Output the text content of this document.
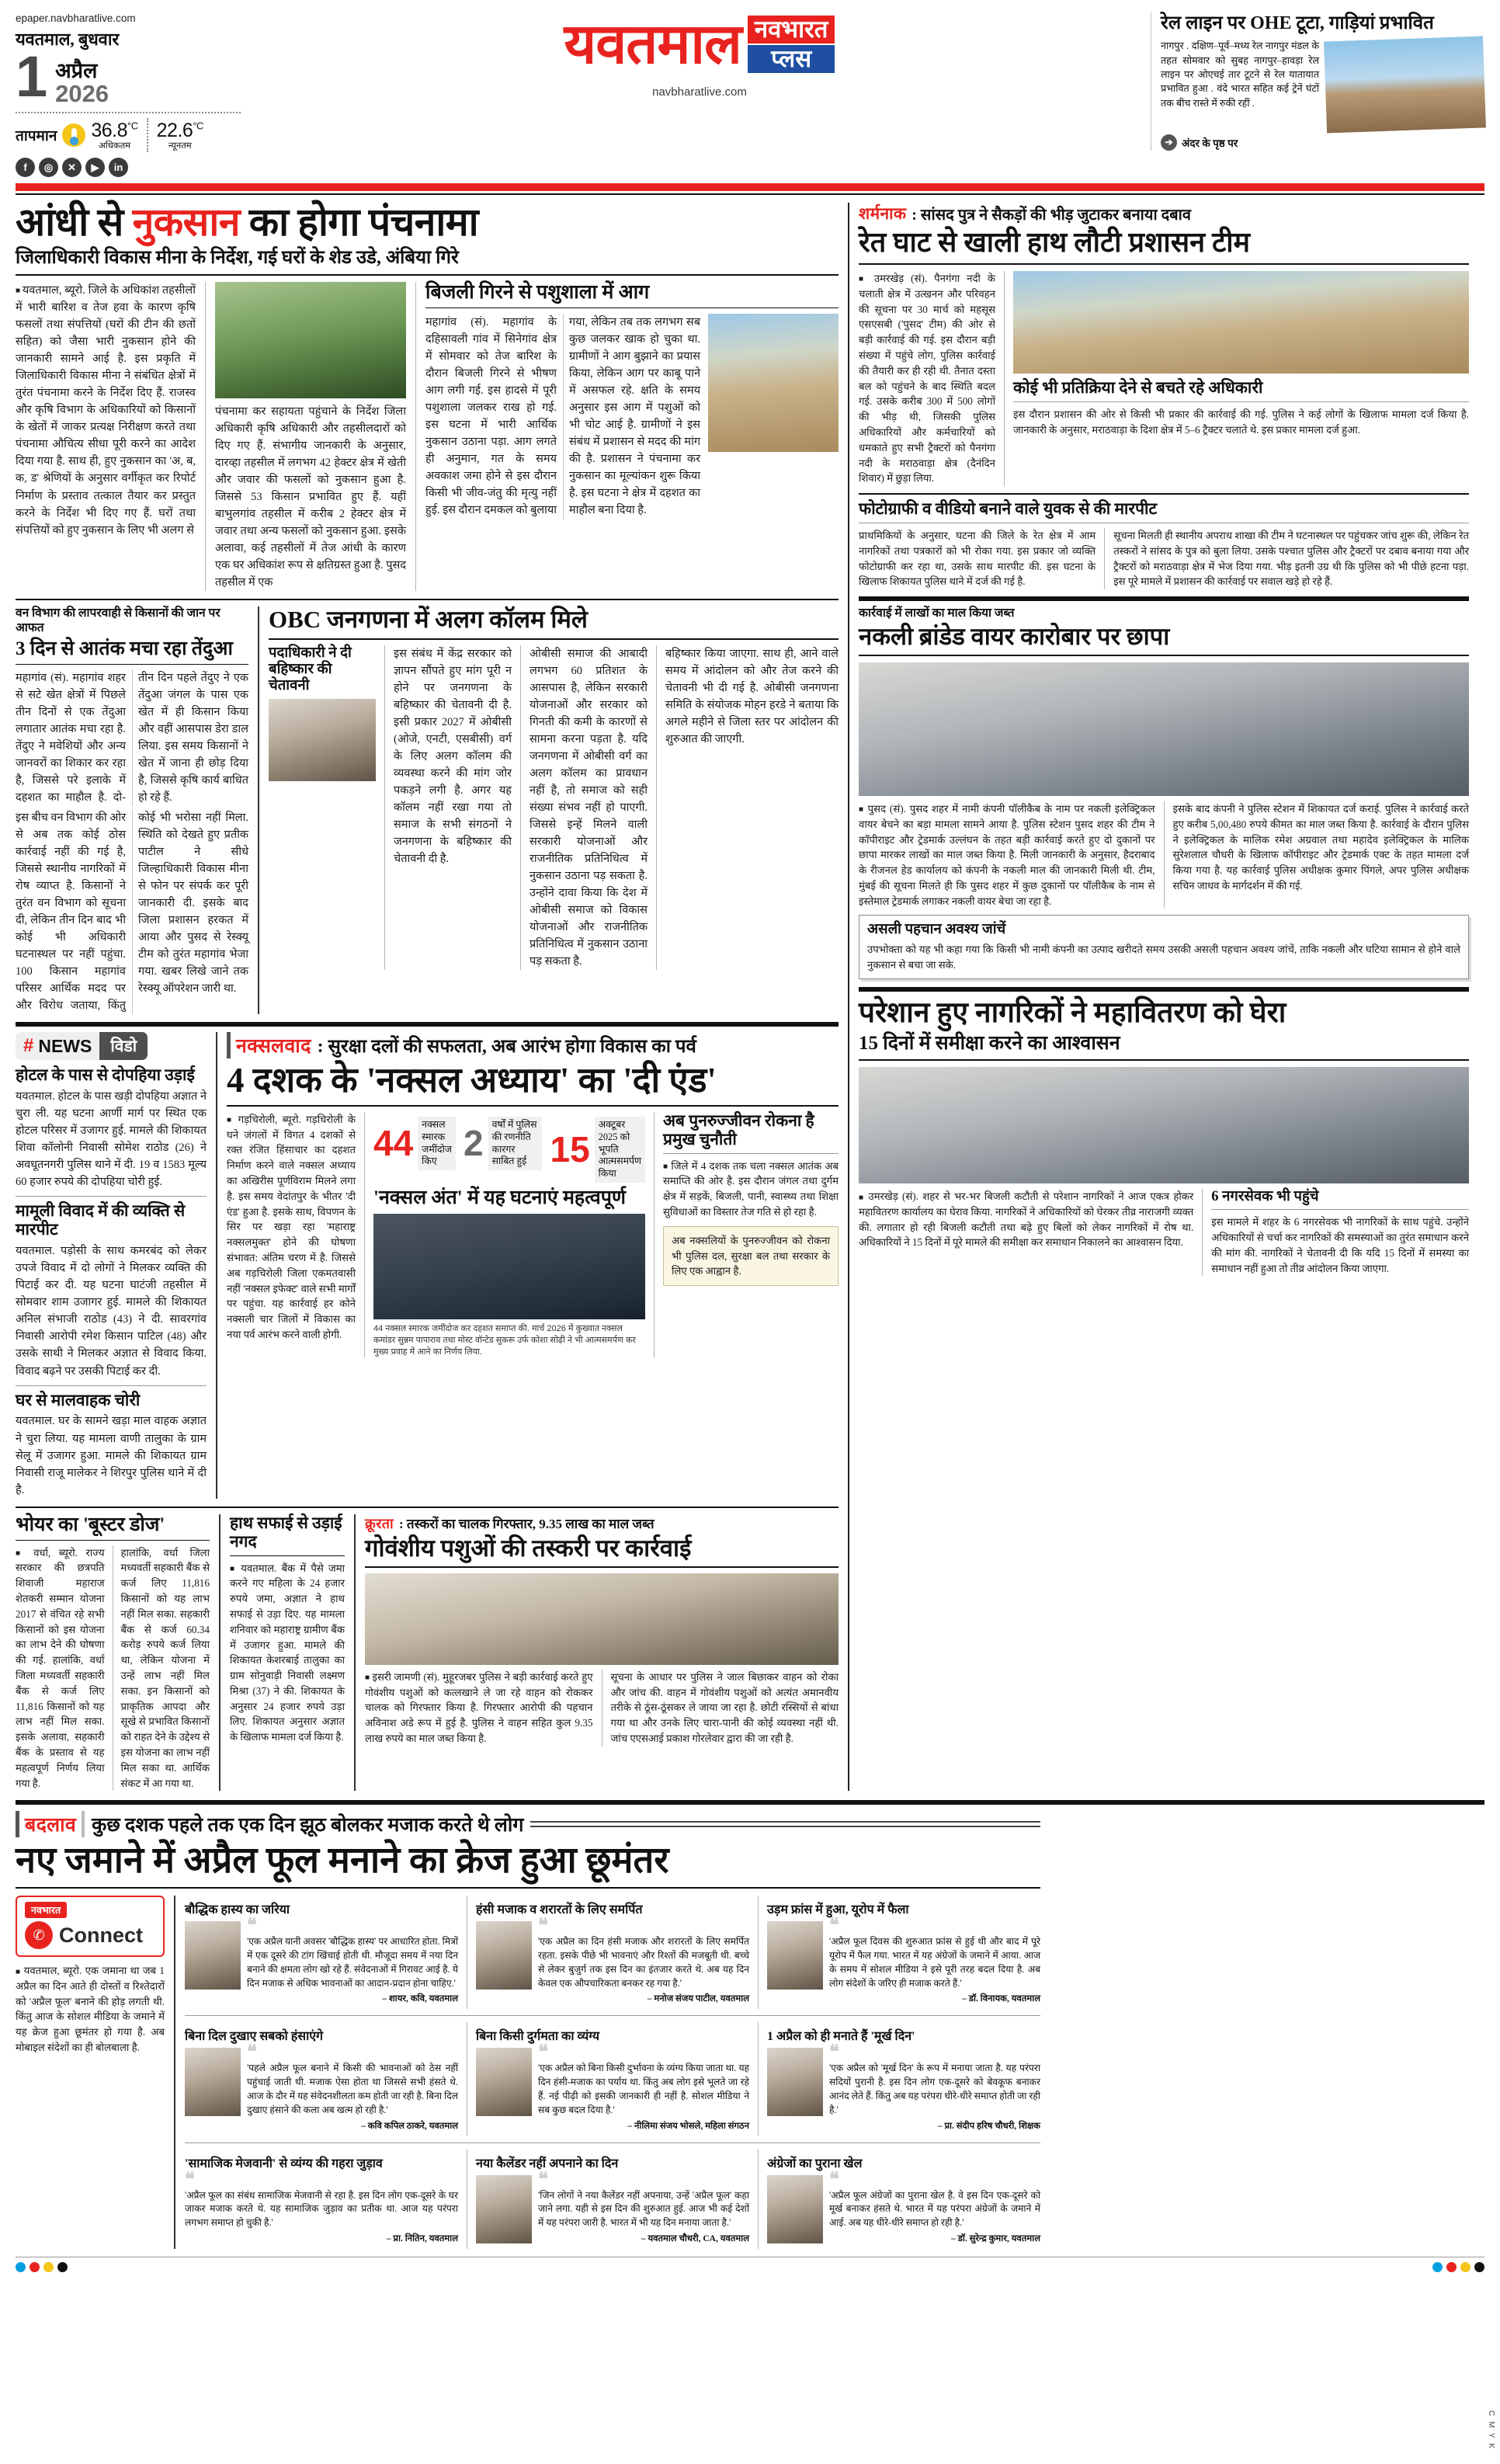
epaper.navbharatlive.com
यवतमाल, बुधवार
1 अप्रैल
2026
तापमान $36.8^{^\circ C}$
अधिकतम
$22.6^{^\circ C}$
न्यूनतम
f	◎	✕	▶	in
यवतमाल नवभारत
प्लस
navbharatlive.com
रेल लाइन पर OHE टूटा, गाड़ियां प्रभावित
नागपुर . दक्षिण–पूर्व–मध्य रेल नागपुर मंडल के तहत सोमवार को सुबह नागपुर–हावड़ा रेल लाइन पर ओएचई तार टूटने से रेल यातायात प्रभावित हुआ . वंदे भारत सहित कई ट्रेनें घंटों तक बीच रास्ते में रुकी रहीं .
➔ अंदर के पृष्ठ पर
आंधी से नुकसान का होगा पंचनामा
जिलाधिकारी विकास मीना के निर्देश, गई घरों के शेड उडे, अंबिया गिरे
■ यवतमाल, ब्यूरो. जिले के अधिकांश तहसीलों में भारी बारिश व तेज हवा के कारण कृषि फसलों तथा संपत्तियों (घरों की टीन की छतों सहित) को जैसा भारी नुकसान होने की जानकारी सामने आई है. इस प्रकृति में जिलाधिकारी विकास मीना ने संबंधित क्षेत्रों में तुरंत पंचनामा करने के निर्देश दिए हैं. राजस्व और कृषि विभाग के अधिकारियों को किसानों के खेतों में जाकर प्रत्यक्ष निरीक्षण करते तथा पंचनामा औचित्य सीधा पूरी करने का आदेश दिया गया है. साथ ही, हुए नुकसान का 'अ, ब, क, ड' श्रेणियों के अनुसार वर्गीकृत कर रिपोर्ट निर्माण के प्रस्ताव तत्काल तैयार कर प्रस्तुत करने के निर्देश भी दिए गए हैं. घरों तथा संपत्तियों को हुए नुकसान के लिए भी अलग से
पंचनामा कर सहायता पहुंचाने के निर्देश जिला अधिकारी कृषि अधिकारी और तहसीलदारों को दिए गए हैं. संभागीय जानकारी के अनुसार, दारव्हा तहसील में लगभग 42 हेक्टर क्षेत्र में खेती और जवार की फसलों को नुकसान हुआ है. जिससे 53 किसान प्रभावित हुए हैं. यहीं बाभुलगांव तहसील में करीब 2 हेक्टर क्षेत्र में जवार तथा अन्य फसलों को नुकसान हुआ. इसके अलावा, कई तहसीलों में तेज आंधी के कारण एक घर अधिकांश रूप से क्षतिग्रस्त हुआ है. पुसद तहसील में एक
बिजली गिरने से पशुशाला में आग
महागांव (सं). महागांव के दहिसावली गांव में सिनेगांव क्षेत्र में सोमवार को तेज बारिश के दौरान बिजली गिरने से भीषण आग लगी गई. इस हादसे में पूरी पशुशाला जलकर राख हो गई. इस घटना में भारी आर्थिक नुकसान उठाना पड़ा. आग लगते ही अनुमान, गत के समय अवकाश जमा होने से इस दौरान किसी भी जीव-जंतु की मृत्यु नहीं हुई. इस दौरान दमकल को बुलाया गया, लेकिन तब तक लगभग सब कुछ जलकर खाक हो चुका था. ग्रामीणों ने आग बुझाने का प्रयास किया, लेकिन आग पर काबू पाने में असफल रहे. क्षति के समय अनुसार इस आग में पशुओं को भी चोट आई है. ग्रामीणों ने इस संबंध में प्रशासन से मदद की मांग की है. प्रशासन ने पंचनामा कर नुकसान का मूल्यांकन शुरू किया है. इस घटना ने क्षेत्र में दहशत का माहौल बना दिया है.
वन विभाग की लापरवाही से किसानों की जान पर आफत
3 दिन से आतंक मचा रहा तेंदुआ
महागांव (सं). महागांव शहर से सटे खेत क्षेत्रों में पिछले तीन दिनों से एक तेंदुआ लगातार आतंक मचा रहा है. तेंदुए ने मवेशियों और अन्य जानवरों का शिकार कर रहा है, जिससे परे इलाके में दहशत का माहौल है. दो-तीन दिन पहले तेंदुए ने एक तेंदुआ जंगल के पास एक खेत में ही किसान किया और वहीं आसपास डेरा डाल लिया. इस समय किसानों ने खेत में जाना ही छोड़ दिया है, जिससे कृषि कार्य बाधित हो रहे हैं.
इस बीच वन विभाग की ओर से अब तक कोई ठोस कार्रवाई नहीं की गई है, जिससे स्थानीय नागरिकों में रोष व्याप्त है. किसानों ने तुरंत वन विभाग को सूचना दी, लेकिन तीन दिन बाद भी कोई भी अधिकारी घटनास्थल पर नहीं पहुंचा. 100 किसान महागांव परिसर आर्थिक मदद पर और विरोध जताया, किंतु कोई भी भरोसा नहीं मिला. स्थिति को देखते हुए प्रतीक पाटील ने सीधे जिल्हाधिकारी विकास मीना से फोन पर संपर्क कर पूरी जानकारी दी. इसके बाद जिला प्रशासन हरकत में आया और पुसद से रेस्क्यू टीम को तुरंत महागांव भेजा गया. खबर लिखे जाने तक रेस्क्यू ऑपरेशन जारी था.
OBC जनगणना में अलग कॉलम मिले
पदाधिकारी ने दी बहिष्कार की चेतावनी
इस संबंध में केंद्र सरकार को ज्ञापन सौंपते हुए मांग पूरी न होने पर जनगणना के बहिष्कार की चेतावनी दी है. इसी प्रकार 2027 में ओबीसी (ओजे, एनटी, एसबीसी) वर्ग के लिए अलग कॉलम की व्यवस्था करने की मांग जोर पकड़ने लगी है. अगर यह कॉलम नहीं रखा गया तो समाज के सभी संगठनों ने जनगणना के बहिष्कार की चेतावनी दी है.
ओबीसी समाज की आबादी लगभग 60 प्रतिशत के आसपास है, लेकिन सरकारी योजनाओं और सरकार को गिनती की कमी के कारणों से सामना करना पड़ता है. यदि जनगणना में ओबीसी वर्ग का अलग कॉलम का प्रावधान नहीं है, तो समाज को सही संख्या संभव नहीं हो पाएगी. जिससे इन्हें मिलने वाली सरकारी योजनाओं और राजनीतिक प्रतिनिधित्व में नुकसान उठाना पड़ सकता है. उन्होंने दावा किया कि देश में ओबीसी समाज को विकास योजनाओं और राजनीतिक प्रतिनिधित्व में नुकसान उठाना पड़ सकता है.
बहिष्कार किया जाएगा. साथ ही, आने वाले समय में आंदोलन को और तेज करने की चेतावनी भी दी गई है. ओबीसी जनगणना समिति के संयोजक मोहन हरडे ने बताया कि अगले महीने से जिला स्तर पर आंदोलन की शुरुआत की जाएगी.
# NEWS	विडो
होटल के पास से दोपहिया उड़ाई
यवतमाल. होटल के पास खड़ी दोपहिया अज्ञात ने चुरा ली. यह घटना आर्णी मार्ग पर स्थित एक होटल परिसर में उजागर हुई. मामले की शिकायत शिवा कॉलोनी निवासी सोमेश राठोड (26) ने अवधूतनगरी पुलिस थाने में दी. 19 व 1583 मूल्य 60 हजार रुपये की दोपहिया चोरी हुई.
मामूली विवाद में की व्यक्ति से मारपीट
यवतमाल. पड़ोसी के साथ कमरबंद को लेकर उपजे विवाद में दो लोगों ने मिलकर व्यक्ति की पिटाई कर दी. यह घटना घाटंजी तहसील में सोमवार शाम उजागर हुई. मामले की शिकायत अनिल संभाजी राठोड (43) ने दी. सावरगांव निवासी आरोपी रमेश किसान पाटिल (48) और उसके साथी ने मिलकर अज्ञात से विवाद किया. विवाद बढ़ने पर उसकी पिटाई कर दी.
घर से मालवाहक चोरी
यवतमाल. घर के सामने खड़ा माल वाहक अज्ञात ने चुरा लिया. यह मामला वाणी तालुका के ग्राम सेलू में उजागर हुआ. मामले की शिकायत ग्राम निवासी राजू मालेकर ने शिरपुर पुलिस थाने में दी है.
नक्सलवाद : सुरक्षा दलों की सफलता, अब आरंभ होगा विकास का पर्व
4 दशक के 'नक्सल अध्याय' का 'दी एंड'
■ गड़चिरोली, ब्यूरो. गड़चिरोली के घने जंगलों में विगत 4 दशकों से रक्त रंजित हिंसाचार का दहशत निर्माण करने वाले नक्सल अध्याय का अखिरीस पूर्णविराम मिलने लगा है. इस समय वेदांतपुर के भीतर 'दी एंड' हुआ है. इसके साथ, विपणन के सिर पर खड़ा रहा 'महाराष्ट्र नक्सलमुक्त' होने की घोषणा संभावत: अंतिम चरण में है. जिससे अब गड़चिरोली जिला एकमतवासी नहीं 'नक्सल इफेक्ट' वाले सभी मार्गों पर पहुंचा. यह कार्रवाई हर कोने नक्सली चार जिलों में विकास का नया पर्व आरंभ करने वाली होगी.
44 नक्सल स्मारक जमींदोज किए 2 वर्षों में पुलिस की रणनीति कारगर साबित हुई 15
अक्टूबर 2025 को भूपति आत्मसमर्पण किया
'नक्सल अंत' में यह घटनाएं महत्वपूर्ण
44 नक्सल स्मारक जमींदोज कर दहशत समाप्त की. मार्च 2026 में कुख्यात नक्सल कमांडर सुन्नम पापाराव तथा मोस्ट वॉन्टेड सुकरू उर्फ कोशा सोढ़ी ने भी आत्मसमर्पण कर मुख्य प्रवाह में आने का निर्णय लिया.
अब पुनरुज्जीवन रोकना है प्रमुख चुनौती
■ जिले में 4 दशक तक चला नक्सल आतंक अब समाप्ति की ओर है. इस दौरान जंगल तथा दुर्गम क्षेत्र में सड़कें, बिजली, पानी, स्वास्थ्य तथा शिक्षा सुविधाओं का विस्तार तेज गति से हो रहा है.
अब नक्सलियों के पुनरुज्जीवन को रोकना भी पुलिस दल, सुरक्षा बल तथा सरकार के लिए एक आह्वान है.
भोयर का 'बूस्टर डोज'
■ वर्धा, ब्यूरो. राज्य सरकार की छत्रपति शिवाजी महाराज शेतकरी सम्मान योजना 2017 से वंचित रहे सभी किसानों को इस योजना का लाभ देने की घोषणा की गई. हालांकि, वर्धा जिला मध्यवर्ती सहकारी बैंक से कर्ज लिए 11,816 किसानों को यह लाभ नहीं मिल सका. इसके अलावा, सहकारी बैंक के प्रस्ताव से यह महत्वपूर्ण निर्णय लिया गया है.
हालांकि, वर्धा जिला मध्यवर्ती सहकारी बैंक से कर्ज लिए 11,816 किसानों को यह लाभ नहीं मिल सका. सहकारी बैंक से कर्ज 60.34 करोड़ रुपये कर्ज लिया था, लेकिन योजना में उन्हें लाभ नहीं मिल सका. इन किसानों को प्राकृतिक आपदा और सूखे से प्रभावित किसानों को राहत देने के उद्देश्य से इस योजना का लाभ नहीं मिल सका था. आर्थिक संकट में आ गया था.
हाथ सफाई से उड़ाई नगद
■ यवतमाल. बैंक में पैसे जमा करने गए महिला के 24 हजार रुपये जमा, अज्ञात ने हाथ सफाई से उड़ा दिए. यह मामला शनिवार को महाराष्ट्र ग्रामीण बैंक में उजागर हुआ. मामले की शिकायत केशरबाई तालुका का ग्राम सोनुवाड़ी निवासी लक्ष्मण मिश्रा (37) ने की. शिकायत के अनुसार 24 हजार रुपये उड़ा लिए. शिकायत अनुसार अज्ञात के खिलाफ मामला दर्ज किया है.
क्रूरता : तस्करों का चालक गिरफ्तार, 9.35 लाख का माल जब्त
गोवंशीय पशुओं की तस्करी पर कार्रवाई
■ इसरी जामणी (सं). मुहूरजबर पुलिस ने बड़ी कार्रवाई करते हुए गोवंशीय पशुओं को कत्लखाने ले जा रहे वाहन को रोककर चालक को गिरफ्तार किया है. गिरफ्तार आरोपी की पहचान अविनाश अडे रूप में हुई है. पुलिस ने वाहन सहित कुल 9.35 लाख रुपये का माल जब्त किया है.
सूचना के आधार पर पुलिस ने जाल बिछाकर वाहन को रोका और जांच की. वाहन में गोवंशीय पशुओं को अत्यंत अमानवीय तरीके से ठूंस-ठूंसकर ले जाया जा रहा है. छोटी रस्सियों से बांधा गया था और उनके लिए चारा-पानी की कोई व्यवस्था नहीं थी. जांच एएसआई प्रकाश गोरलेवार द्वारा की जा रही है.
शर्मनाक : सांसद पुत्र ने सैकड़ों की भीड़ जुटाकर बनाया दबाव
रेत घाट से खाली हाथ लौटी प्रशासन टीम
■ उमरखेड़ (सं). पैनगंगा नदी के चलाती क्षेत्र में उत्खनन और परिवहन की सूचना पर 30 मार्च को महसूस एसएसबी ('पुसद' टीम) की ओर से बड़ी कार्रवाई की गई. इस दौरान बड़ी संख्या में पहुंचे लोग, पुलिस कार्रवाई की तैयारी कर ही रही थी. तैनात दस्ता बल को पहुंचने के बाद स्थिति बदल गई. उसके करीब 300 में 500 लोगों की भीड़ थी, जिसकी पुलिस अधिकारियों और कर्मचारियों को धमकाते हुए सभी ट्रैक्टरों को पैनगंगा नदी के मराठवाड़ा क्षेत्र (दैनंदिन शिवार) में छुड़ा लिया.
कोई भी प्रतिक्रिया देने से बचते रहे अधिकारी
इस दौरान प्रशासन की ओर से किसी भी प्रकार की कार्रवाई की गई. पुलिस ने कई लोगों के खिलाफ मामला दर्ज किया है. जानकारी के अनुसार, मराठवाड़ा के दिशा क्षेत्र में 5–6 ट्रैक्टर चलाते थे. इस प्रकार मामला दर्ज हुआ.
फोटोग्राफी व वीडियो बनाने वाले युवक से की मारपीट
प्राथमिकियों के अनुसार, घटना की जिले के रेत क्षेत्र में आम नागरिकों तथा पत्रकारों को भी रोका गया. इस प्रकार जो व्यक्ति फोटोग्राफी कर रहा था, उसके साथ मारपीट की. इस घटना के खिलाफ शिकायत पुलिस थाने में दर्ज की गई है.
सूचना मिलती ही स्थानीय अपराध शाखा की टीम ने घटनास्थल पर पहुंचकर जांच शुरू की, लेकिन रेत तस्करों ने सांसद के पुत्र को बुला लिया. उसके पश्चात पुलिस और ट्रैक्टरों पर दबाव बनाया गया और ट्रैक्टरों को मराठवाड़ा क्षेत्र में भेज दिया गया. भीड़ इतनी उग्र थी कि पुलिस को भी पीछे हटना पड़ा. इस पूरे मामले में प्रशासन की कार्रवाई पर सवाल खड़े हो रहे हैं.
कार्रवाई में लाखों का माल किया जब्त
नकली ब्रांडेड वायर कारोबार पर छापा
■ पुसद (सं). पुसद शहर में नामी कंपनी पॉलीकैब के नाम पर नकली इलेक्ट्रिकल वायर बेचने का बड़ा मामला सामने आया है. पुलिस स्टेशन पुसद शहर की टीम ने कॉपीराइट और ट्रेडमार्क उल्लंघन के तहत बड़ी कार्रवाई करते हुए दो दुकानों पर छापा मारकर लाखों का माल जब्त किया है. मिली जानकारी के अनुसार, हैदराबाद के रीजनल हेड कार्यालय को कंपनी के नकली माल की जानकारी मिली थी. टीम, मुंबई की सूचना मिलते ही कि पुसद शहर में कुछ दुकानों पर पॉलीकैब के नाम से इस्तेमाल ट्रेडमार्क लगाकर नकली वायर बेचा जा रहा है.
इसके बाद कंपनी ने पुलिस स्टेशन में शिकायत दर्ज कराई. पुलिस ने कार्रवाई करते हुए करीब 5,00,480 रुपये कीमत का माल जब्त किया है. कार्रवाई के दौरान पुलिस ने इलेक्ट्रिकल के मालिक रमेश अग्रवाल तथा महादेव इलेक्ट्रिकल के मालिक सुरेशलाल चौधरी के खिलाफ कॉपीराइट और ट्रेडमार्क एक्ट के तहत मामला दर्ज किया गया है. यह कार्रवाई पुलिस अधीक्षक कुमार पिंगले, अपर पुलिस अधीक्षक सचिन जाधव के मार्गदर्शन में की गई.
असली पहचान अवश्य जांचें
उपभोक्ता को यह भी कहा गया कि किसी भी नामी कंपनी का उत्पाद खरीदते समय उसकी असली पहचान अवश्य जांचें, ताकि नकली और घटिया सामान से होने वाले नुकसान से बचा जा सके.
परेशान हुए नागरिकों ने महावितरण को घेरा
15 दिनों में समीक्षा करने का आश्वासन
■ उमरखेड़ (सं). शहर से भर-भर बिजली कटौती से परेशान नागरिकों ने आज एकत्र होकर महावितरण कार्यालय का घेराव किया. नागरिकों ने अधिकारियों को घेरकर तीव्र नाराजगी व्यक्त की. लगातार हो रही बिजली कटौती तथा बढ़े हुए बिलों को लेकर नागरिकों में रोष था. अधिकारियों ने 15 दिनों में पूरे मामले की समीक्षा कर समाधान निकालने का आश्वासन दिया.
6 नगरसेवक भी पहुंचे
इस मामले में शहर के 6 नगरसेवक भी नागरिकों के साथ पहुंचे. उन्होंने अधिकारियों से चर्चा कर नागरिकों की समस्याओं का तुरंत समाधान करने की मांग की. नागरिकों ने चेतावनी दी कि यदि 15 दिनों में समस्या का समाधान नहीं हुआ तो तीव्र आंदोलन किया जाएगा.
बदलाव कुछ दशक पहले तक एक दिन झूठ बोलकर मजाक करते थे लोग
नए जमाने में अप्रैल फूल मनाने का क्रेज हुआ छूमंतर
नवभारत
✆ Connect
■ यवतमाल, ब्यूरो. एक जमाना था जब 1 अप्रैल का दिन आते ही दोस्तों व रिश्तेदारों को 'अप्रैल फूल' बनाने की होड़ लगती थी. किंतु आज के सोशल मीडिया के जमाने में यह क्रेज हुआ छूमंतर हो गया है. अब मोबाइल संदेशों का ही बोलबाला है.
बौद्धिक हास्य का जरिया
❝
'एक अप्रैल यानी अवसर 'बौद्धिक हास्य' पर आधारित होता. मित्रों में एक दूसरे की टांग खिंचाई होती थी. मौजूदा समय में नया दिन बनाने की क्षमता लोग खो रहे हैं. संवेदनाओं में गिरावट आई है. ये दिन मजाक से अधिक भावनाओं का आदान-प्रदान होना चाहिए.'
– शायर, कवि, यवतमाल
हंसी मजाक व शरारतों के लिए समर्पित
❝
'एक अप्रैल का दिन हंसी मजाक और शरारतों के लिए समर्पित रहता. इसके पीछे भी भावनाएं और रिश्तों की मजबूती थी. बच्चे से लेकर बुजुर्ग तक इस दिन का इंतजार करते थे. अब यह दिन केवल एक औपचारिकता बनकर रह गया है.'
– मनोज संजय पाटील, यवतमाल
उड़म फ्रांस में हुआ, यूरोप में फैला
❝
'अप्रैल फूल दिवस की शुरुआत फ्रांस से हुई थी और बाद में पूरे यूरोप में फैल गया. भारत में यह अंग्रेजों के जमाने में आया. आज के समय में सोशल मीडिया ने इसे पूरी तरह बदल दिया है. अब लोग संदेशों के जरिए ही मजाक करते हैं.'
– डॉ. विनायक, यवतमाल
बिना दिल दुखाए सबको हंसाएंगे
❝
'पहले अप्रैल फूल बनाने में किसी की भावनाओं को ठेस नहीं पहुंचाई जाती थी. मजाक ऐसा होता था जिससे सभी हंसते थे. आज के दौर में यह संवेदनशीलता कम होती जा रही है. बिना दिल दुखाए हंसाने की कला अब खत्म हो रही है.'
– कवि कपिल ठाकरे, यवतमाल
बिना किसी दुर्गमता का व्यंग्य
❝
'एक अप्रैल को बिना किसी दुर्भावना के व्यंग्य किया जाता था. यह दिन हंसी-मजाक का पर्याय था. किंतु अब लोग इसे भूलते जा रहे हैं. नई पीढ़ी को इसकी जानकारी ही नहीं है. सोशल मीडिया ने सब कुछ बदल दिया है.'
– नीलिमा संजय भोसले, महिला संगठन
1 अप्रैल को ही मनाते हैं 'मूर्ख दिन'
❝
'एक अप्रैल को 'मूर्ख दिन' के रूप में मनाया जाता है. यह परंपरा सदियों पुरानी है. इस दिन लोग एक-दूसरे को बेवकूफ बनाकर आनंद लेते हैं. किंतु अब यह परंपरा धीरे-धीरे समाप्त होती जा रही है.'
– प्रा. संदीप हरिष चौधरी, शिक्षक
'सामाजिक मेजवानी' से व्यंग्य की गहरा जुड़ाव
❝
'अप्रैल फूल का संबंध सामाजिक मेजवानी से रहा है. इस दिन लोग एक-दूसरे के घर जाकर मजाक करते थे. यह सामाजिक जुड़ाव का प्रतीक था. आज यह परंपरा लगभग समाप्त हो चुकी है.'
– प्रा. नितिन, यवतमाल
नया कैलेंडर नहीं अपनाने का दिन
❝
'जिन लोगों ने नया कैलेंडर नहीं अपनाया, उन्हें 'अप्रैल फूल' कहा जाने लगा. यही से इस दिन की शुरुआत हुई. आज भी कई देशों में यह परंपरा जारी है. भारत में भी यह दिन मनाया जाता है.'
– यवतमाल चौधरी, CA, यवतमाल
अंग्रेजों का पुराना खेल
❝
'अप्रैल फूल अंग्रेजों का पुराना खेल है. वे इस दिन एक-दूसरे को मूर्ख बनाकर हंसते थे. भारत में यह परंपरा अंग्रेजों के जमाने में आई. अब यह धीरे-धीरे समाप्त हो रही है.'
– डॉ. सुरेन्द्र कुमार, यवतमाल
C M Y K
